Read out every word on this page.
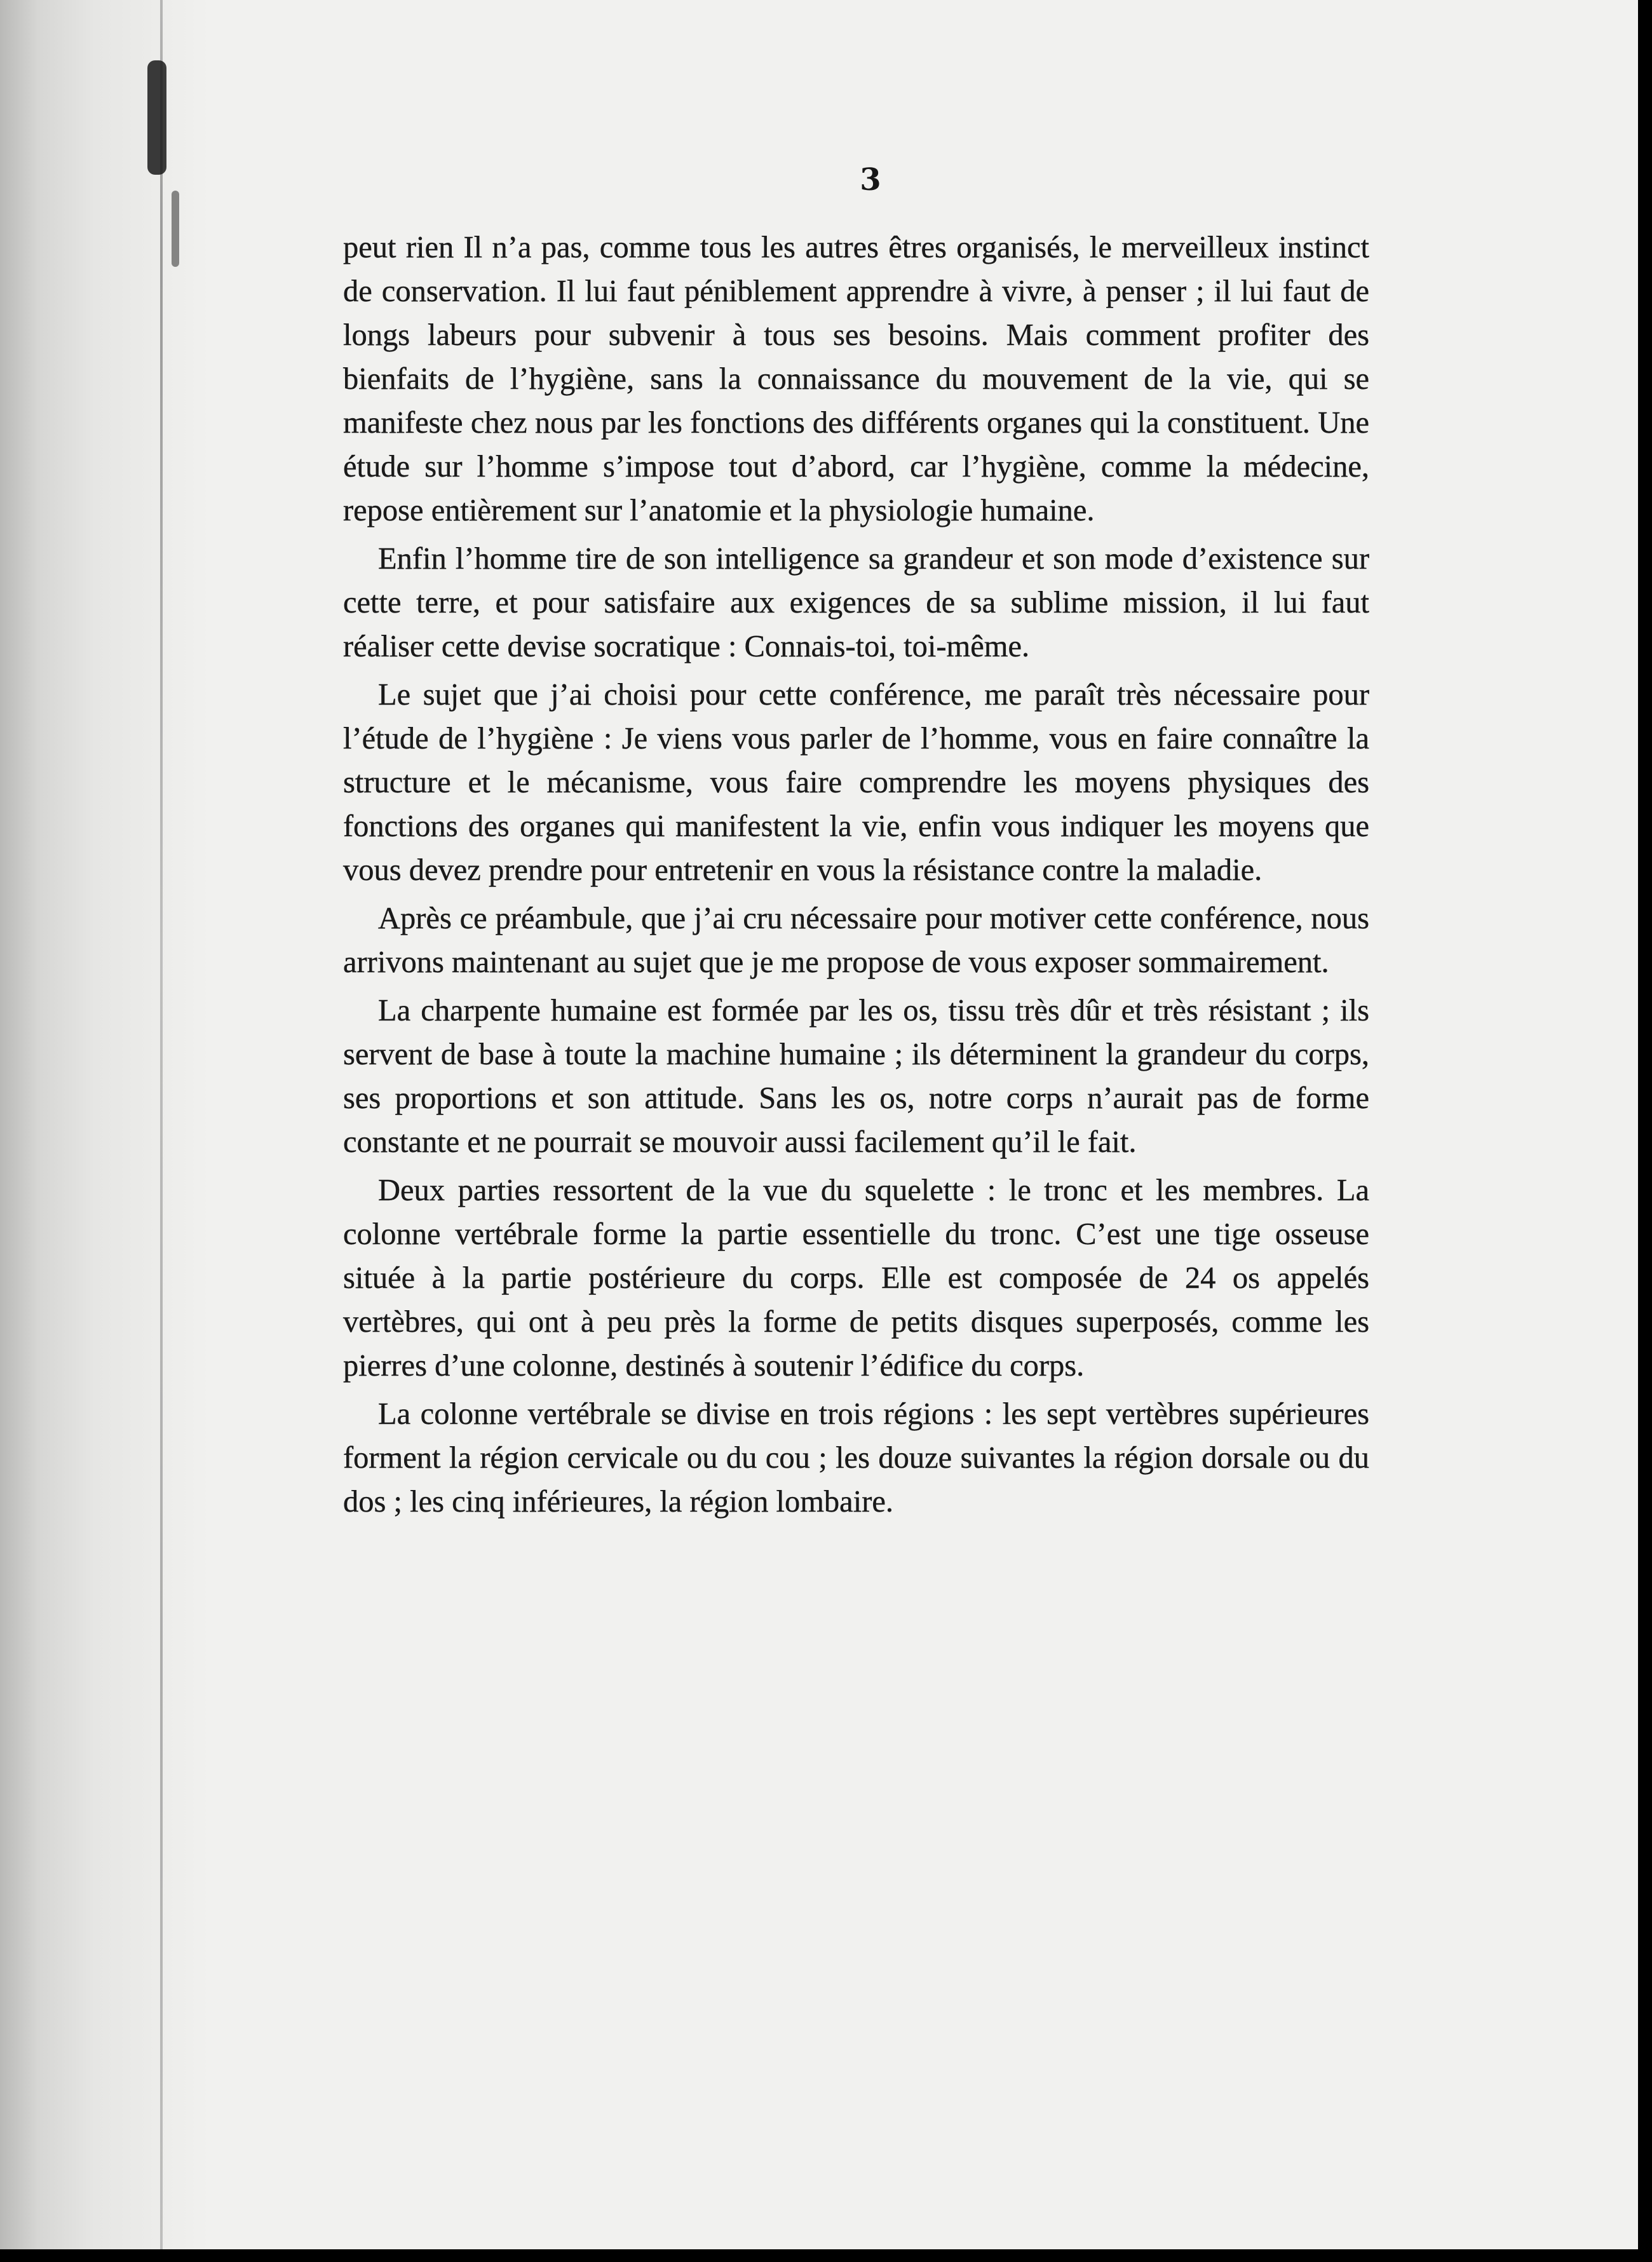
3

peut rien Il n’a pas, comme tous les autres êtres organisés, le merveilleux instinct de conservation. Il lui faut péniblement apprendre à vivre, à penser ; il lui faut de longs labeurs pour subvenir à tous ses besoins. Mais comment profiter des bienfaits de l’hygiène, sans la connaissance du mouvement de la vie, qui se manifeste chez nous par les fonctions des différents organes qui la constituent. Une étude sur l’homme s’impose tout d’abord, car l’hygiène, comme la médecine, repose entièrement sur l’anatomie et la physiologie humaine.

Enfin l’homme tire de son intelligence sa grandeur et son mode d’existence sur cette terre, et pour satisfaire aux exigences de sa sublime mission, il lui faut réaliser cette devise socratique : Connais-toi, toi-même.

Le sujet que j’ai choisi pour cette conférence, me paraît très nécessaire pour l’étude de l’hygiène : Je viens vous parler de l’homme, vous en faire connaître la structure et le mécanisme, vous faire comprendre les moyens physiques des fonctions des organes qui manifestent la vie, enfin vous indiquer les moyens que vous devez prendre pour entretenir en vous la résistance contre la maladie.

Après ce préambule, que j’ai cru nécessaire pour motiver cette conférence, nous arrivons maintenant au sujet que je me propose de vous exposer sommairement.

La charpente humaine est formée par les os, tissu très dûr et très résistant ; ils servent de base à toute la machine humaine ; ils déterminent la grandeur du corps, ses proportions et son attitude. Sans les os, notre corps n’aurait pas de forme constante et ne pourrait se mouvoir aussi facilement qu’il le fait.

Deux parties ressortent de la vue du squelette : le tronc et les membres. La colonne vertébrale forme la partie essentielle du tronc. C’est une tige osseuse située à la partie postérieure du corps. Elle est composée de 24 os appelés vertèbres, qui ont à peu près la forme de petits disques superposés, comme les pierres d’une colonne, destinés à soutenir l’édifice du corps.

La colonne vertébrale se divise en trois régions : les sept vertèbres supérieures forment la région cervicale ou du cou ; les douze suivantes la région dorsale ou du dos ; les cinq inférieures, la région lombaire.
